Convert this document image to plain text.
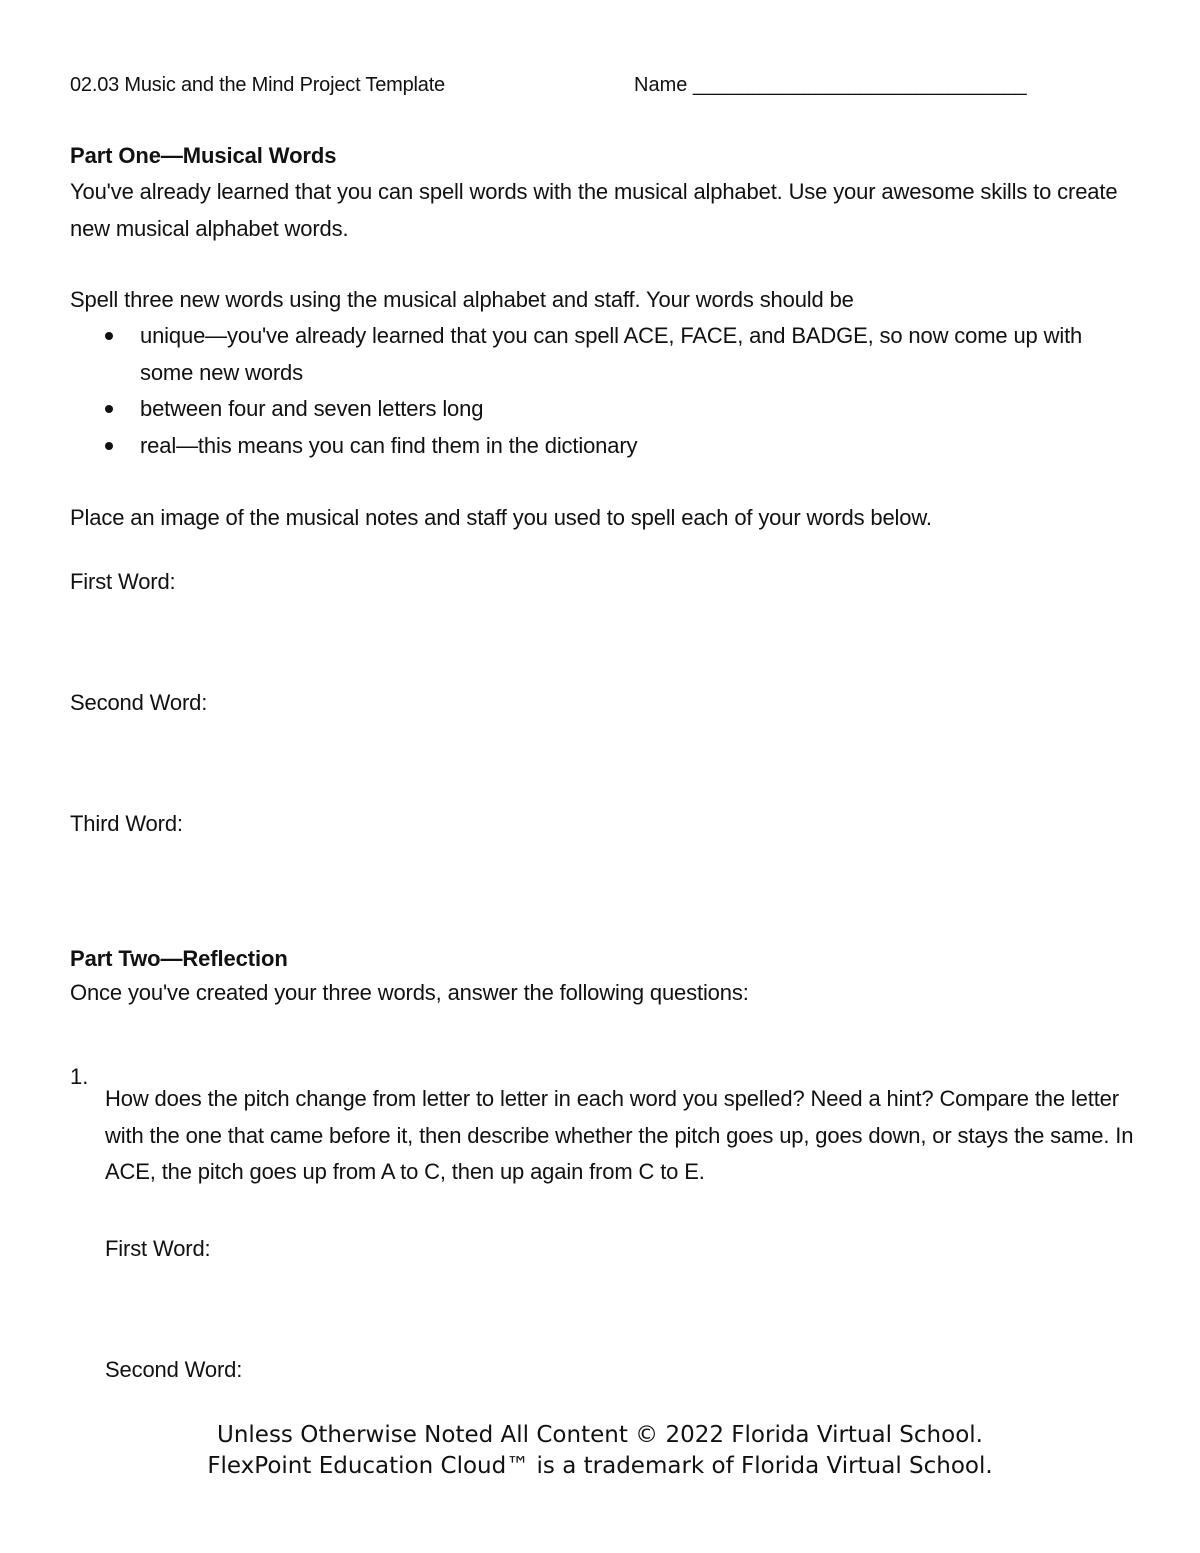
02.03 Music and the Mind Project Template	Name ______________________________

Part One—Musical Words

You've already learned that you can spell words with the musical alphabet. Use your awesome skills to create new musical alphabet words.

Spell three new words using the musical alphabet and staff. Your words should be

unique—you've already learned that you can spell ACE, FACE, and BADGE, so now come up with some new words
between four and seven letters long
real—this means you can find them in the dictionary

Place an image of the musical notes and staff you used to spell each of your words below.

First Word:

Second Word:

Third Word:

Part Two—Reflection

Once you've created your three words, answer the following questions:

1.

How does the pitch change from letter to letter in each word you spelled? Need a hint? Compare the letter with the one that came before it, then describe whether the pitch goes up, goes down, or stays the same. In ACE, the pitch goes up from A to C, then up again from C to E.

First Word:

Second Word:

Unless Otherwise Noted All Content © 2022 Florida Virtual School.
FlexPoint Education Cloud™ is a trademark of Florida Virtual School.
